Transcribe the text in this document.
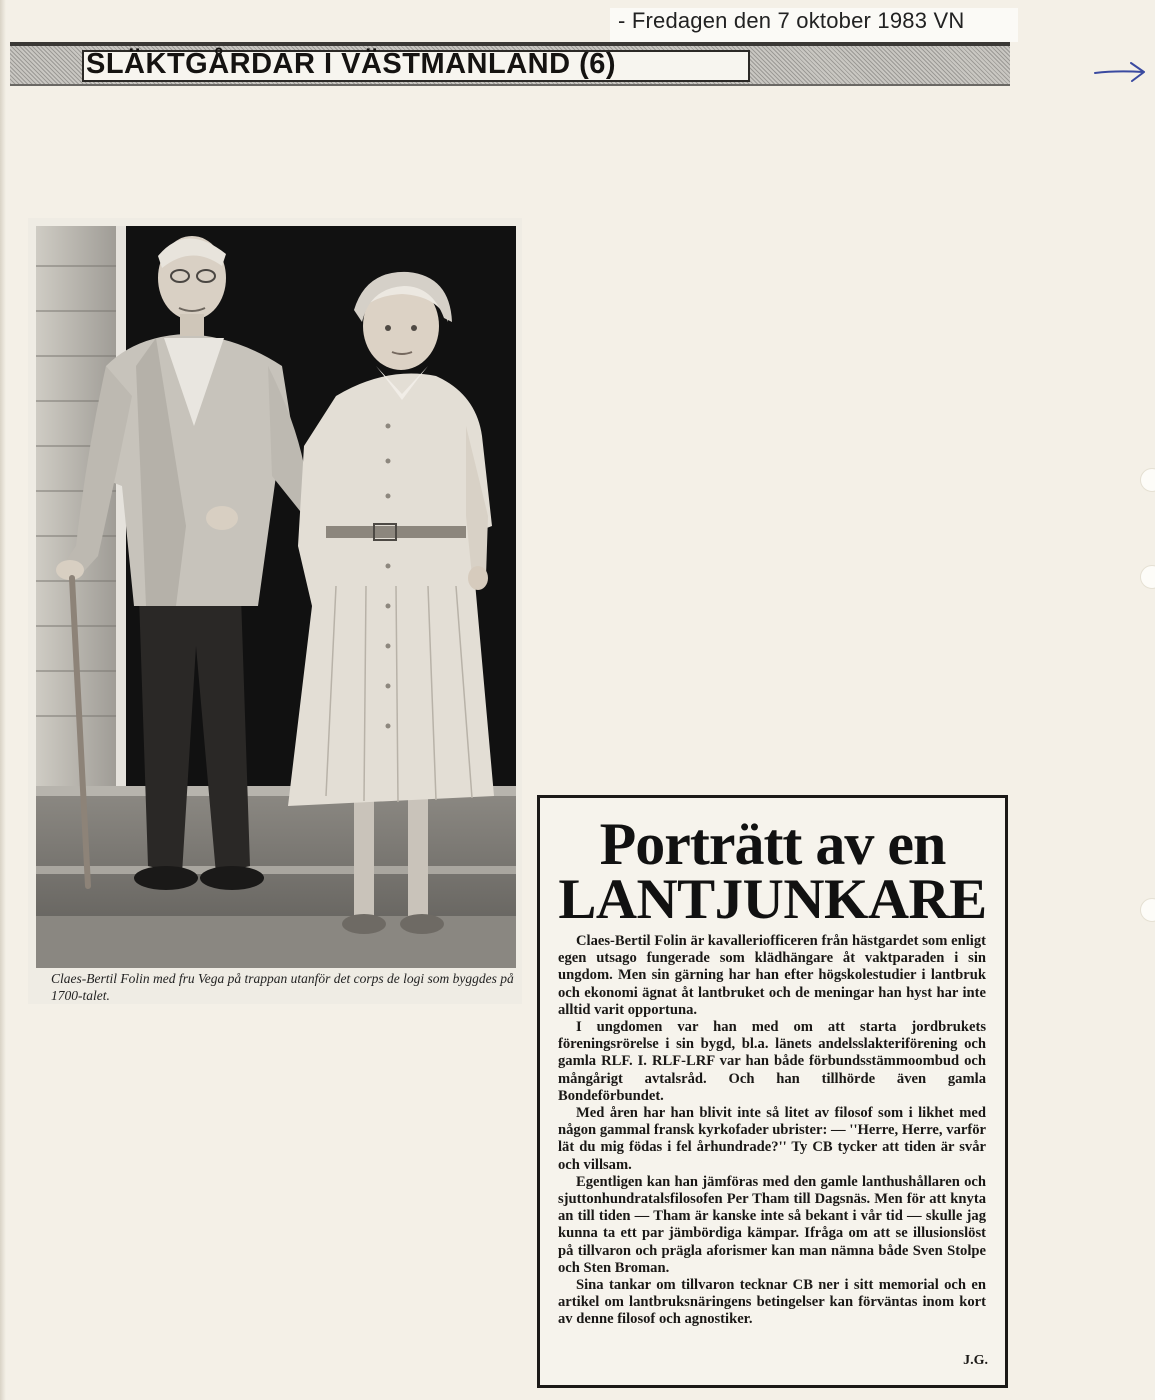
- Fredagen den 7 oktober 1983 VN
SLÄKTGÅRDAR I VÄSTMANLAND (6)
Claes-Bertil Folin med fru Vega på trappan utanför det corps de logi som byggdes på 1700-talet.
Porträtt av en
LANTJUNKARE

Claes-Bertil Folin är kavalleriofficeren från hästgardet som enligt egen utsago fungerade som klädhängare åt vaktparaden i sin ungdom. Men sin gärning har han efter högskolestudier i lantbruk och ekonomi ägnat åt lantbruket och de meningar han hyst har inte alltid varit opportuna.

I ungdomen var han med om att starta jordbrukets föreningsrörelse i sin bygd, bl.a. länets andelsslakteriförening och gamla RLF. I. RLF-LRF var han både förbundsstämmoombud och mångårigt avtalsråd. Och han tillhörde även gamla Bondeförbundet.

Med åren har han blivit inte så litet av filosof som i likhet med någon gammal fransk kyrkofader ubrister: — ''Herre, Herre, varför lät du mig födas i fel århundrade?'' Ty CB tycker att tiden är svår och villsam.

Egentligen kan han jämföras med den gamle lanthushållaren och sjuttonhundratalsfilosofen Per Tham till Dagsnäs. Men för att knyta an till tiden — Tham är kanske inte så bekant i vår tid — skulle jag kunna ta ett par jämbördiga kämpar. Ifråga om att se illusionslöst på tillvaron och prägla aforismer kan man nämna både Sven Stolpe och Sten Broman.

Sina tankar om tillvaron tecknar CB ner i sitt memorial och en artikel om lantbruksnäringens betingelser kan förväntas inom kort av denne filosof och agnostiker.

J.G.
